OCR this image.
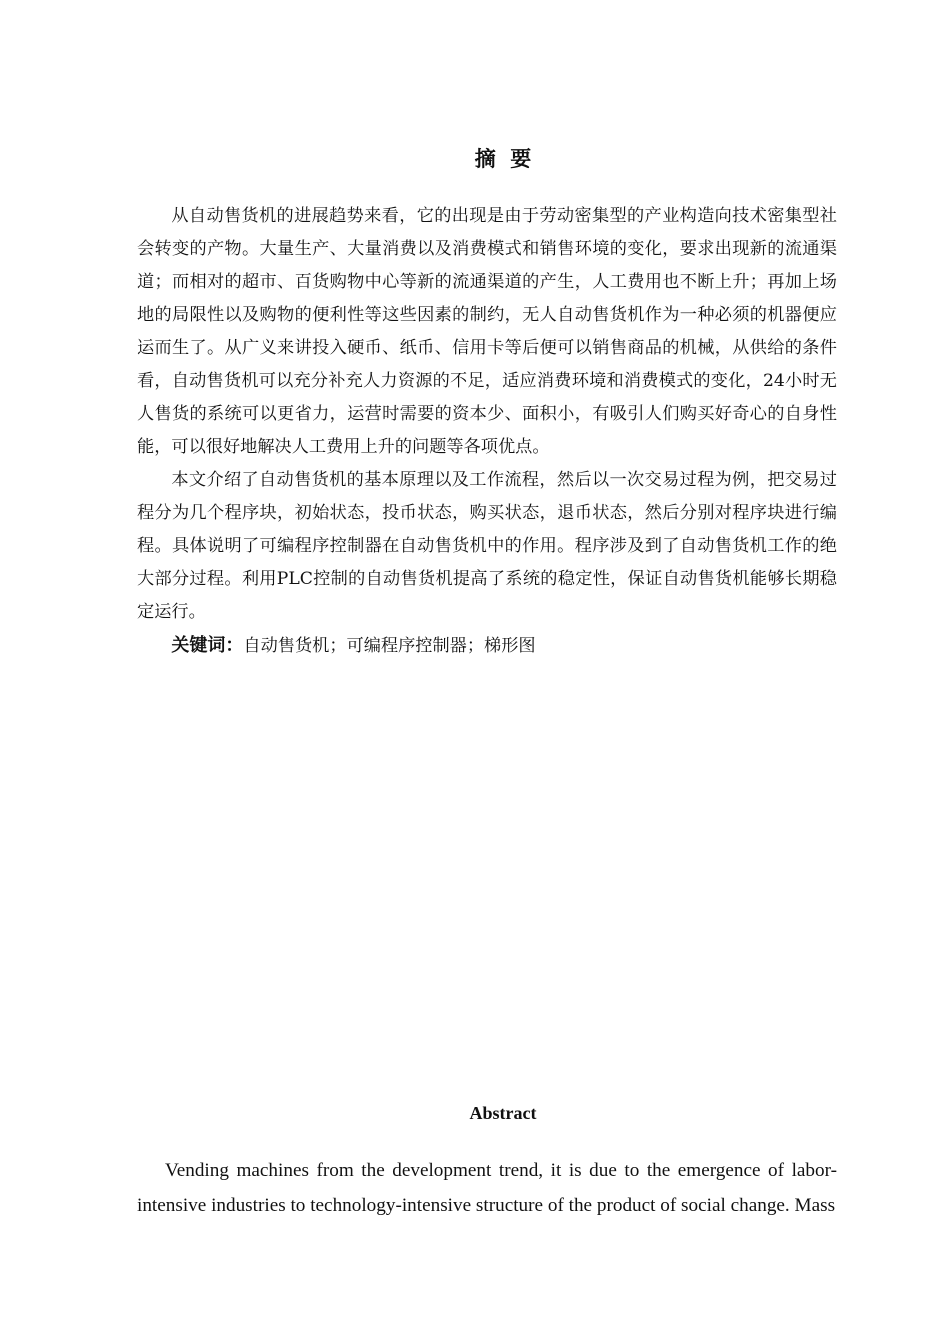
摘  要

从自动售货机的进展趋势来看，它的出现是由于劳动密集型的产业构造向技术密集型社会转变的产物。大量生产、大量消费以及消费模式和销售环境的变化，要求出现新的流通渠道；而相对的超市、百货购物中心等新的流通渠道的产生，人工费用也不断上升；再加上场地的局限性以及购物的便利性等这些因素的制约，无人自动售货机作为一种必须的机器便应运而生了。从广义来讲投入硬币、纸币、信用卡等后便可以销售商品的机械，从供给的条件看，自动售货机可以充分补充人力资源的不足，适应消费环境和消费模式的变化，24小时无人售货的系统可以更省力，运营时需要的资本少、面积小，有吸引人们购买好奇心的自身性能，可以很好地解决人工费用上升的问题等各项优点。

本文介绍了自动售货机的基本原理以及工作流程，然后以一次交易过程为例，把交易过程分为几个程序块，初始状态，投币状态，购买状态，退币状态，然后分别对程序块进行编程。具体说明了可编程序控制器在自动售货机中的作用。程序涉及到了自动售货机工作的绝大部分过程。利用PLC控制的自动售货机提高了系统的稳定性，保证自动售货机能够长期稳定运行。

关键词：自动售货机；可编程序控制器；梯形图

Abstract

Vending machines from the development trend, it is due to the emergence of labor-intensive industries to technology-intensive structure of the product of social change. Mass
